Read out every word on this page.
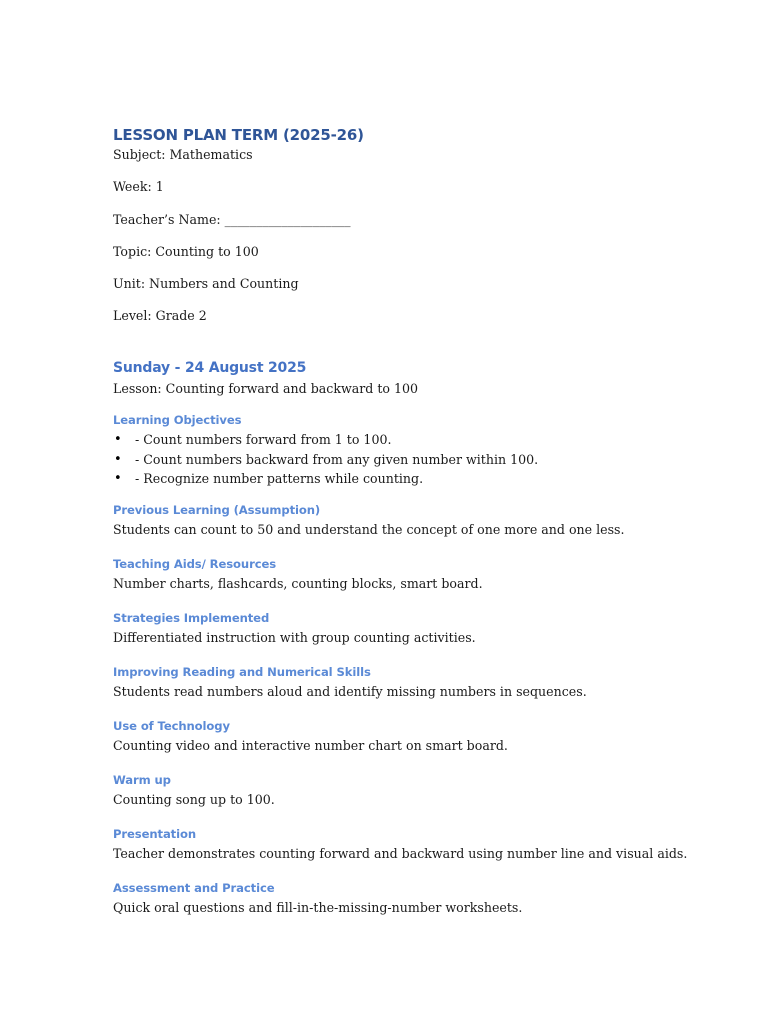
LESSON PLAN TERM (2025-26)

Subject: Mathematics

Week: 1

Teacher’s Name: ____________________

Topic: Counting to 100

Unit: Numbers and Counting

Level: Grade 2

Sunday - 24 August 2025

Lesson: Counting forward and backward to 100

Learning Objectives
• - Count numbers forward from 1 to 100.
• - Count numbers backward from any given number within 100.
• - Recognize number patterns while counting.
Previous Learning (Assumption)

Students can count to 50 and understand the concept of one more and one less.

Teaching Aids/ Resources

Number charts, flashcards, counting blocks, smart board.

Strategies Implemented

Differentiated instruction with group counting activities.

Improving Reading and Numerical Skills

Students read numbers aloud and identify missing numbers in sequences.

Use of Technology

Counting video and interactive number chart on smart board.

Warm up

Counting song up to 100.

Presentation

Teacher demonstrates counting forward and backward using number line and visual aids.

Assessment and Practice

Quick oral questions and fill-in-the-missing-number worksheets.
